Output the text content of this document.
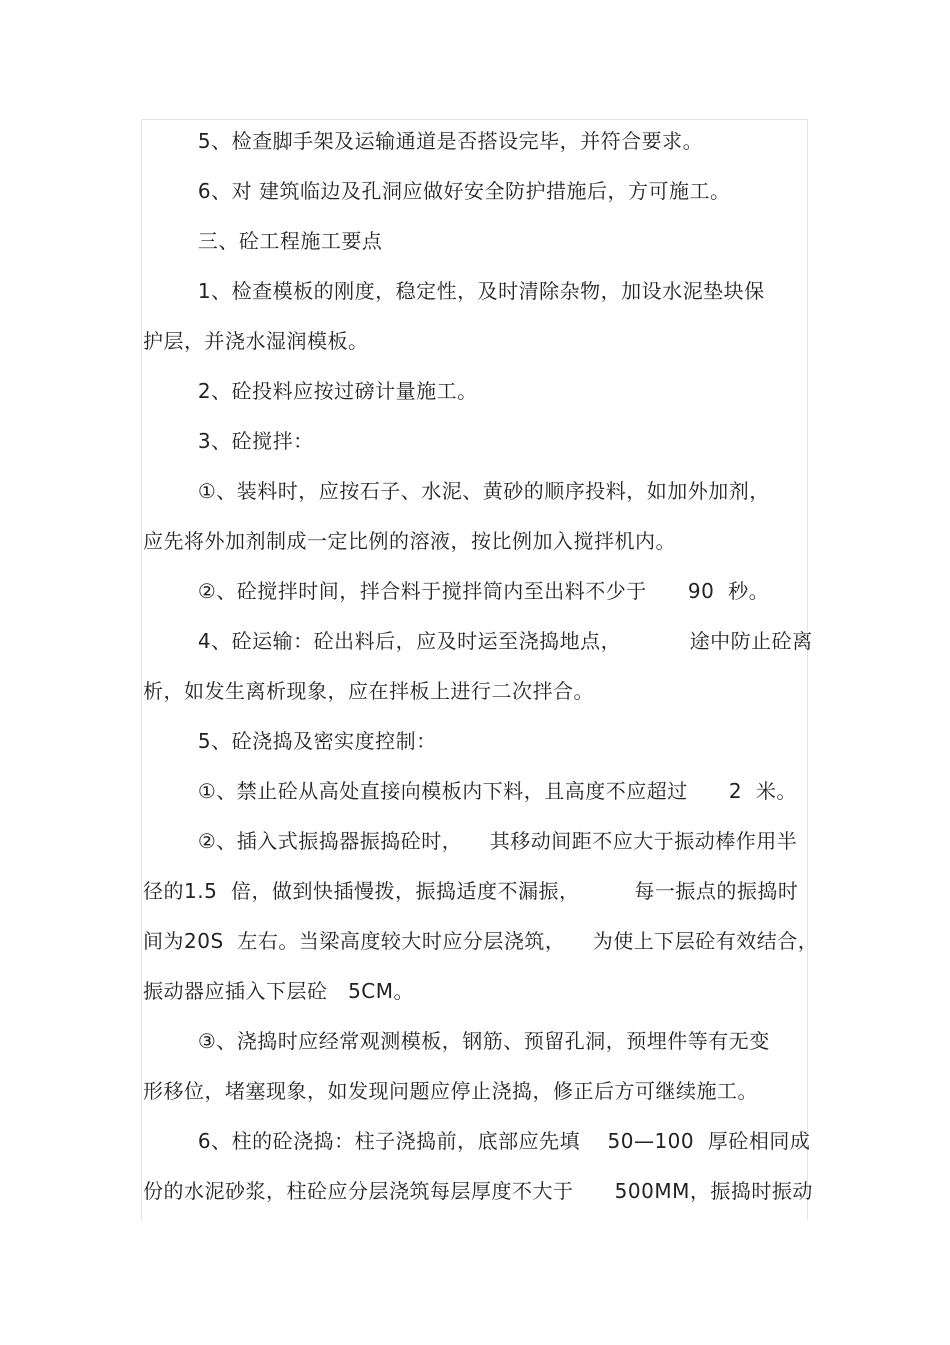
5、检查脚手架及运输通道是否搭设完毕，并符合要求。
6、对 建筑临边及孔洞应做好安全防护措施后，方可施工。
三、砼工程施工要点
1、检查模板的刚度，稳定性，及时清除杂物，加设水泥垫块保
护层，并浇水湿润模板。
2、砼投料应按过磅计量施工。
3、砼搅拌：
①、装料时，应按石子、水泥、黄砂的顺序投料，如加外加剂，
应先将外加剂制成一定比例的溶液，按比例加入搅拌机内。
②、砼搅拌时间，拌合料于搅拌筒内至出料不少于      90  秒。
4、砼运输：砼出料后，应及时运至浇捣地点，          途中防止砼离
析，如发生离析现象，应在拌板上进行二次拌合。
5、砼浇捣及密实度控制：
①、禁止砼从高处直接向模板内下料，且高度不应超过      2  米。
②、插入式振捣器振捣砼时，    其移动间距不应大于振动棒作用半
径的1.5  倍，做到快插慢拨，振捣适度不漏振，        每一振点的振捣时
间为20S  左右。当梁高度较大时应分层浇筑，    为使上下层砼有效结合，
振动器应插入下层砼   5CM。
③、浇捣时应经常观测模板，钢筋、预留孔洞，预埋件等有无变
形移位，堵塞现象，如发现问题应停止浇捣，修正后方可继续施工。
6、柱的砼浇捣：柱子浇捣前，底部应先填    50—100  厚砼相同成
份的水泥砂浆，柱砼应分层浇筑每层厚度不大于      500MM，振捣时振动
